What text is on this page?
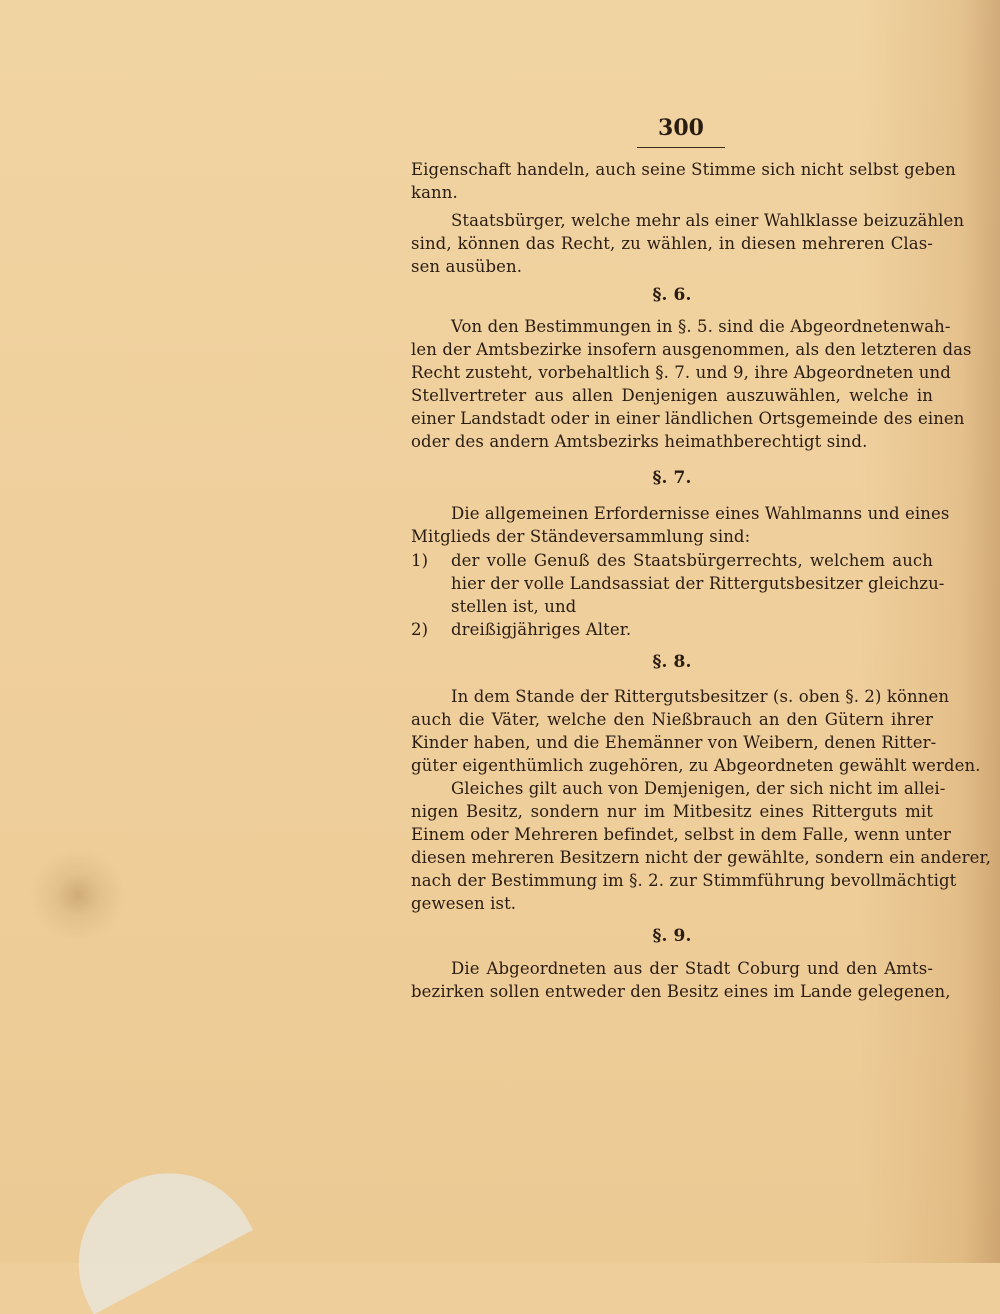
300
Eigenschaft handeln, auch seine Stimme sich nicht selbst geben
kann.
Staatsbürger, welche mehr als einer Wahlklasse beizuzählen
sind, können das Recht, zu wählen, in diesen mehreren Clas-
sen ausüben.
§. 6.
Von den Bestimmungen in §. 5. sind die Abgeordnetenwah-
len der Amtsbezirke insofern ausgenommen, als den letzteren das
Recht zusteht, vorbehaltlich §. 7. und 9, ihre Abgeordneten und
Stellvertreter aus allen Denjenigen auszuwählen, welche in
einer Landstadt oder in einer ländlichen Ortsgemeinde des einen
oder des andern Amtsbezirks heimathberechtigt sind.
§. 7.
Die allgemeinen Erfordernisse eines Wahlmanns und eines
Mitglieds der Ständeversammlung sind:
1)	der volle Genuß des Staatsbürgerrechts, welchem auch
hier der volle Landsassiat der Rittergutsbesitzer gleichzu-
stellen ist, und
2)	dreißigjähriges Alter.
§. 8.
In dem Stande der Rittergutsbesitzer (s. oben §. 2) können
auch die Väter, welche den Nießbrauch an den Gütern ihrer
Kinder haben, und die Ehemänner von Weibern, denen Ritter-
güter eigenthümlich zugehören, zu Abgeordneten gewählt werden.
Gleiches gilt auch von Demjenigen, der sich nicht im allei-
nigen Besitz, sondern nur im Mitbesitz eines Ritterguts mit
Einem oder Mehreren befindet, selbst in dem Falle, wenn unter
diesen mehreren Besitzern nicht der gewählte, sondern ein anderer,
nach der Bestimmung im §. 2. zur Stimmführung bevollmächtigt
gewesen ist.
§. 9.
Die Abgeordneten aus der Stadt Coburg und den Amts-
bezirken sollen entweder den Besitz eines im Lande gelegenen,
